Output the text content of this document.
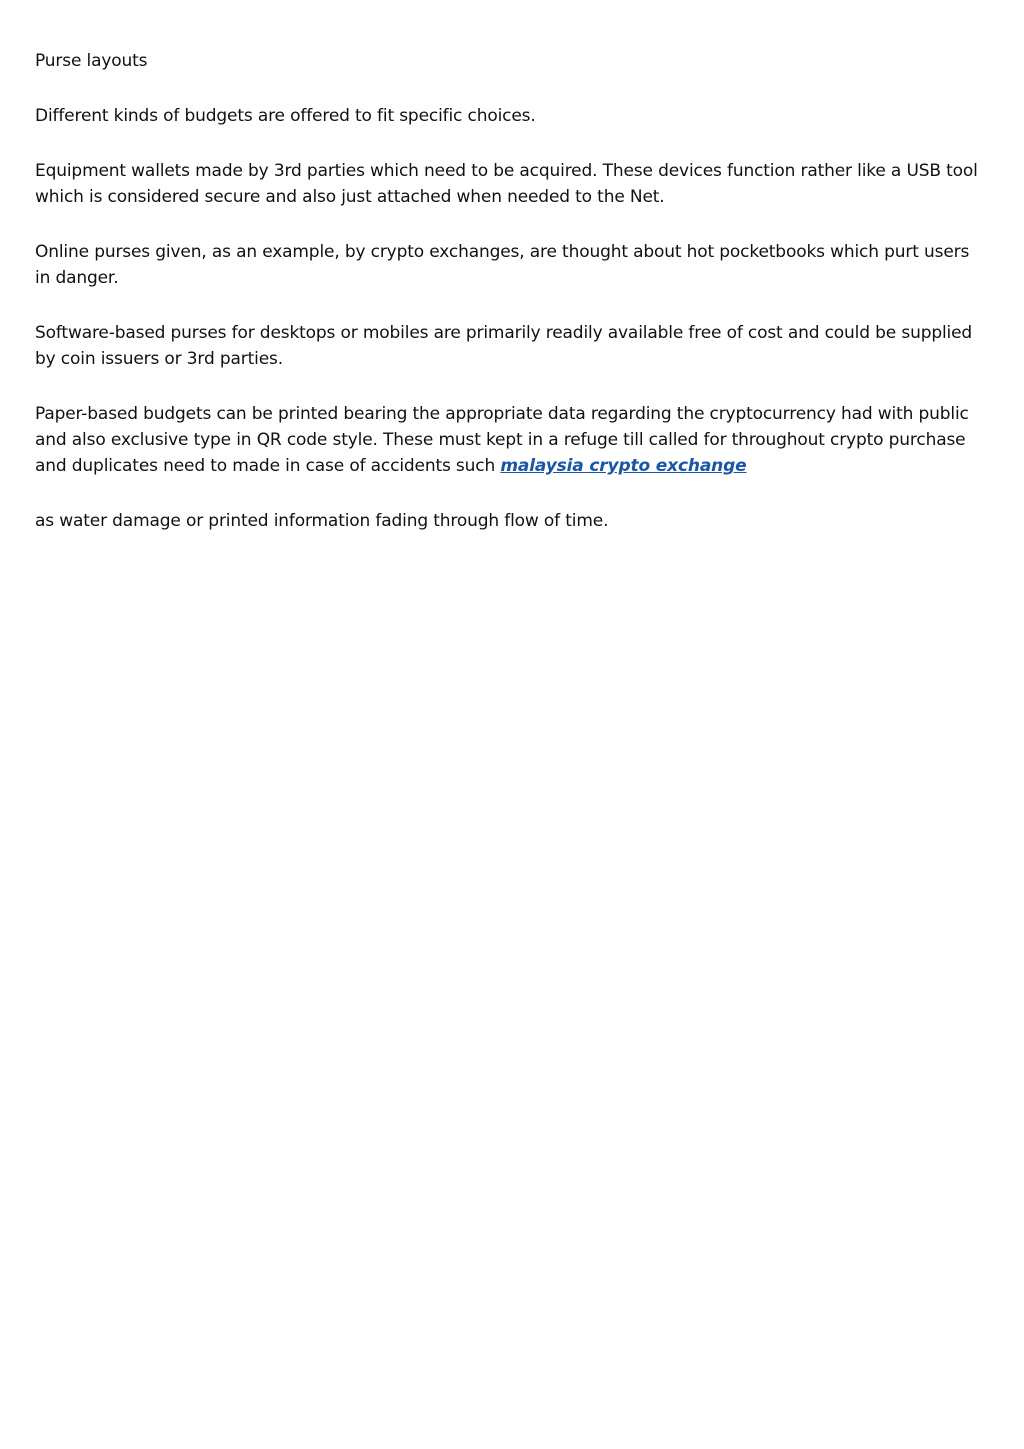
Purse layouts

Different kinds of budgets are offered to fit specific choices.

Equipment wallets made by 3rd parties which need to be acquired. These devices function rather like a USB tool which is considered secure and also just attached when needed to the Net.

Online purses given, as an example, by crypto exchanges, are thought about hot pocketbooks which purt users in danger.

Software-based purses for desktops or mobiles are primarily readily available free of cost and could be supplied by coin issuers or 3rd parties.

Paper-based budgets can be printed bearing the appropriate data regarding the cryptocurrency had with public and also exclusive type in QR code style. These must kept in a refuge till called for throughout crypto purchase and duplicates need to made in case of accidents such malaysia crypto exchange

as water damage or printed information fading through flow of time.
